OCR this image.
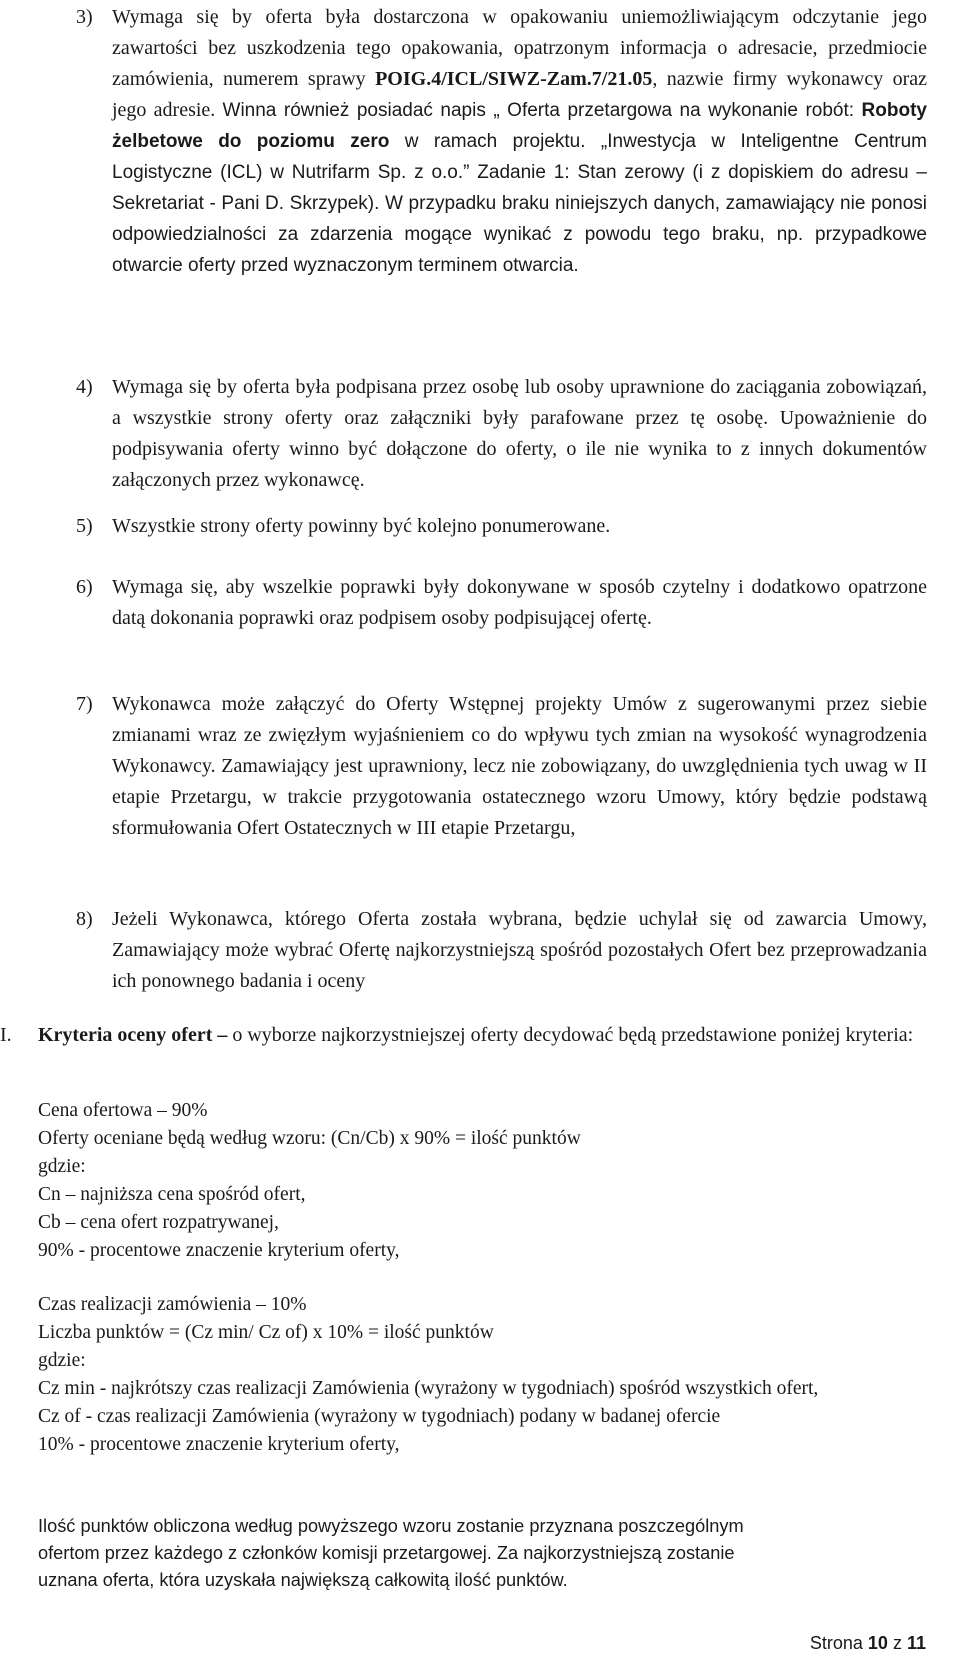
3) Wymaga się by oferta była dostarczona w opakowaniu uniemożliwiającym odczytanie jego zawartości bez uszkodzenia tego opakowania, opatrzonym informacja o adresacie, przedmiocie zamówienia, numerem sprawy POIG.4/ICL/SIWZ-Zam.7/21.05, nazwie firmy wykonawcy oraz jego adresie. Winna również posiadać napis „ Oferta przetargowa na wykonanie robót: Roboty żelbetowe do poziomu zero w ramach projektu. „Inwestycja w Inteligentne Centrum Logistyczne (ICL) w Nutrifarm Sp. z o.o.” Zadanie 1: Stan zerowy (i z dopiskiem do adresu – Sekretariat - Pani D. Skrzypek). W przypadku braku niniejszych danych, zamawiający nie ponosi odpowiedzialności za zdarzenia mogące wynikać z powodu tego braku, np. przypadkowe otwarcie oferty przed wyznaczonym terminem otwarcia.
4) Wymaga się by oferta była podpisana przez osobę lub osoby uprawnione do zaciągania zobowiązań, a wszystkie strony oferty oraz załączniki były parafowane przez tę osobę. Upoważnienie do podpisywania oferty winno być dołączone do oferty, o ile nie wynika to z innych dokumentów załączonych przez wykonawcę.
5) Wszystkie strony oferty powinny być kolejno ponumerowane.
6) Wymaga się, aby wszelkie poprawki były dokonywane w sposób czytelny i dodatkowo opatrzone datą dokonania poprawki oraz podpisem osoby podpisującej ofertę.
7) Wykonawca może załączyć do Oferty Wstępnej projekty Umów z sugerowanymi przez siebie zmianami wraz ze zwięzłym wyjaśnieniem co do wpływu tych zmian na wysokość wynagrodzenia Wykonawcy. Zamawiający jest uprawniony, lecz nie zobowiązany, do uwzględnienia tych uwag w II etapie Przetargu, w trakcie przygotowania ostatecznego wzoru Umowy, który będzie podstawą sformułowania Ofert Ostatecznych w III etapie Przetargu,
8) Jeżeli Wykonawca, którego Oferta została wybrana, będzie uchylał się od zawarcia Umowy, Zamawiający może wybrać Ofertę najkorzystniejszą spośród pozostałych Ofert bez przeprowadzania ich ponownego badania i oceny
I. Kryteria oceny ofert – o wyborze najkorzystniejszej oferty decydować będą przedstawione poniżej kryteria:
Cena ofertowa – 90%
Oferty oceniane będą według wzoru: (Cn/Cb) x 90% = ilość punktów
gdzie:
Cn – najniższa cena spośród ofert,
Cb – cena ofert rozpatrywanej,
90% - procentowe znaczenie kryterium oferty,
Czas realizacji zamówienia – 10%
Liczba punktów = (Cz min/ Cz of) x 10% = ilość punktów
gdzie:
Cz min - najkrótszy czas realizacji Zamówienia (wyrażony w tygodniach) spośród wszystkich ofert,
Cz of - czas realizacji Zamówienia (wyrażony w tygodniach) podany w badanej ofercie
10% - procentowe znaczenie kryterium oferty,
Ilość punktów obliczona według powyższego wzoru zostanie przyznana poszczególnym
ofertom przez każdego z członków komisji przetargowej. Za najkorzystniejszą zostanie
uznana oferta, która uzyskała największą całkowitą ilość punktów.
Strona 10 z 11
